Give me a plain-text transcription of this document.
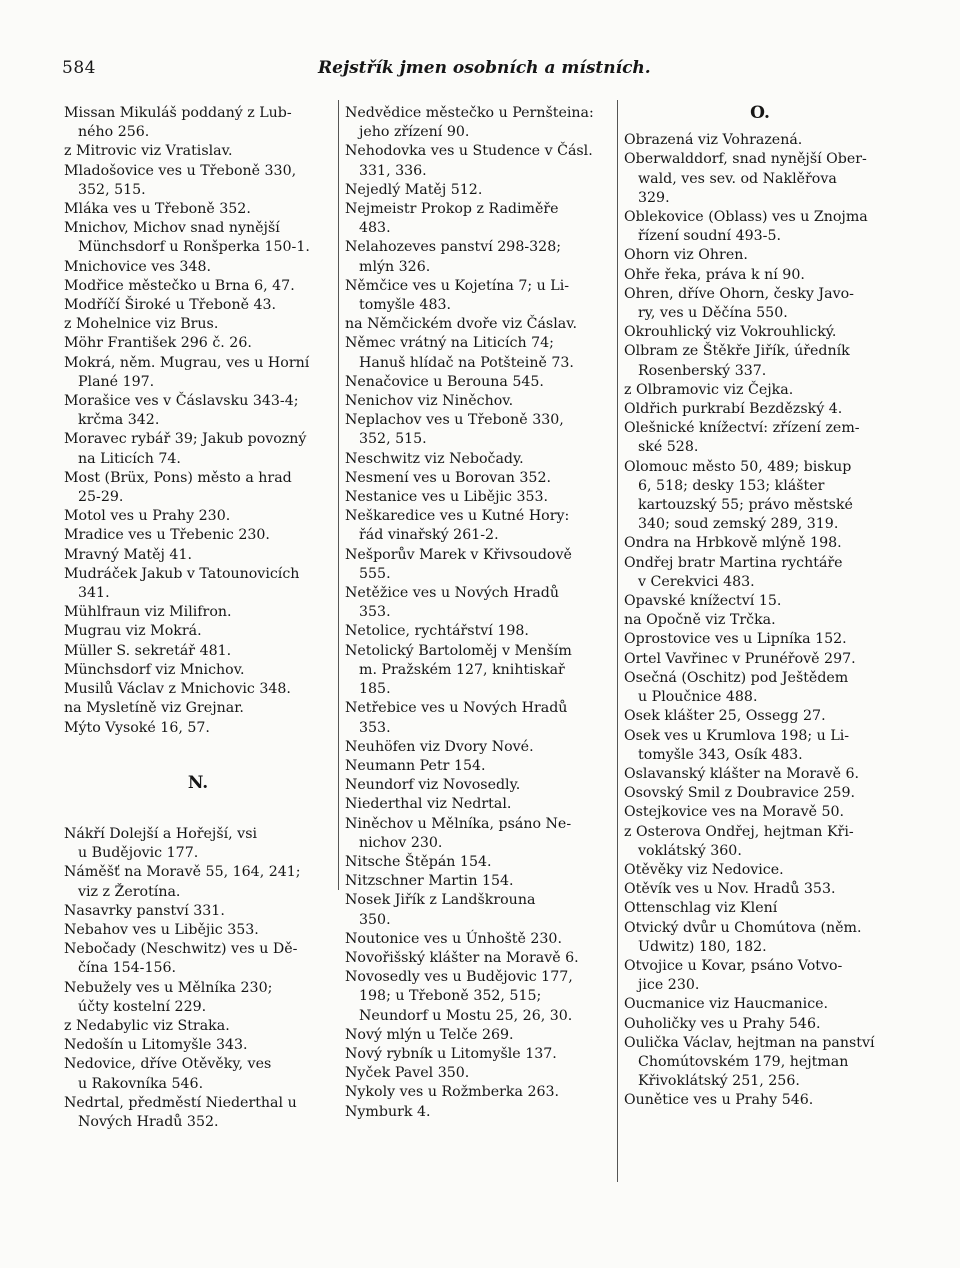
584	Rejstřík jmen osobních a místních.
Missan Mikuláš poddaný z Lub-
ného 256.
z Mitrovic viz Vratislav.
Mladošovice ves u Třeboně 330,
352, 515.
Mláka ves u Třeboně 352.
Mnichov, Michov snad nynější
Münchsdorf u Ronšperka 150-1.
Mnichovice ves 348.
Modřice městečko u Brna 6, 47.
Modříčí Široké u Třeboně 43.
z Mohelnice viz Brus.
Möhr František 296 č. 26.
Mokrá, něm. Mugrau, ves u Horní
Plané 197.
Morašice ves v Čáslavsku 343-4;
krčma 342.
Moravec rybář 39; Jakub povozný
na Liticích 74.
Most (Brüx, Pons) město a hrad
25-29.
Motol ves u Prahy 230.
Mradice ves u Třebenic 230.
Mravný Matěj 41.
Mudráček Jakub v Tatounovicích
341.
Mühlfraun viz Milifron.
Mugrau viz Mokrá.
Müller S. sekretář 481.
Münchsdorf viz Mnichov.
Musilů Václav z Mnichovic 348.
na Mysletíně viz Grejnar.
Mýto Vysoké 16, 57.
N.
Nákří Dolejší a Hořejší, vsi
u Budějovic 177.
Náměšť na Moravě 55, 164, 241;
viz z Žerotína.
Nasavrky panství 331.
Nebahov ves u Libějic 353.
Nebočady (Neschwitz) ves u Dě-
čína 154-156.
Nebužely ves u Mělníka 230;
účty kostelní 229.
z Nedabylic viz Straka.
Nedošín u Litomyšle 343.
Nedovice, dříve Otěvěky, ves
u Rakovníka 546.
Nedrtal, předměstí Niederthal u
Nových Hradů 352.
Nedvědice městečko u Pernšteina:
jeho zřízení 90.
Nehodovka ves u Studence v Čásl.
331, 336.
Nejedlý Matěj 512.
Nejmeistr Prokop z Radiměře
483.
Nelahozeves panství 298-328;
mlýn 326.
Němčice ves u Kojetína 7; u Li-
tomyšle 483.
na Němčickém dvoře viz Čáslav.
Němec vrátný na Liticích 74;
Hanuš hlídač na Potšteině 73.
Nenačovice u Berouna 545.
Nenichov viz Niněchov.
Neplachov ves u Třeboně 330,
352, 515.
Neschwitz viz Nebočady.
Nesmení ves u Borovan 352.
Nestanice ves u Libějic 353.
Neškaredice ves u Kutné Hory:
řád vinařský 261-2.
Nešporův Marek v Křivsoudově
555.
Netěžice ves u Nových Hradů
353.
Netolice, rychtářství 198.
Netolický Bartoloměj v Menším
m. Pražském 127, knihtiskař
185.
Netřebice ves u Nových Hradů
353.
Neuhöfen viz Dvory Nové.
Neumann Petr 154.
Neundorf viz Novosedly.
Niederthal viz Nedrtal.
Niněchov u Mělníka, psáno Ne-
nichov 230.
Nitsche Štěpán 154.
Nitzschner Martin 154.
Nosek Jiřík z Landškrouna
350.
Noutonice ves u Únhoště 230.
Novořišský klášter na Moravě 6.
Novosedly ves u Budějovic 177,
198; u Třeboně 352, 515;
Neundorf u Mostu 25, 26, 30.
Nový mlýn u Telče 269.
Nový rybník u Litomyšle 137.
Nyček Pavel 350.
Nykoly ves u Rožmberka 263.
Nymburk 4.
O.
Obrazená viz Vohrazená.
Oberwalddorf, snad nynější Ober-
wald, ves sev. od Naklěřova
329.
Oblekovice (Oblass) ves u Znojma
řízení soudní 493-5.
Ohorn viz Ohren.
Ohře řeka, práva k ní 90.
Ohren, dříve Ohorn, česky Javo-
ry, ves u Děčína 550.
Okrouhlický viz Vokrouhlický.
Olbram ze Štěkře Jiřík, úředník
Rosenberský 337.
z Olbramovic viz Čejka.
Oldřich purkrabí Bezdězský 4.
Olešnické knížectví: zřízení zem-
ské 528.
Olomouc město 50, 489; biskup
6, 518; desky 153; klášter
kartouzský 55; právo městské
340; soud zemský 289, 319.
Ondra na Hrbkově mlýně 198.
Ondřej bratr Martina rychtáře
v Cerekvici 483.
Opavské knížectví 15.
na Opočně viz Trčka.
Oprostovice ves u Lipníka 152.
Ortel Vavřinec v Prunéřově 297.
Osečná (Oschitz) pod Ještědem
u Ploučnice 488.
Osek klášter 25, Ossegg 27.
Osek ves u Krumlova 198; u Li-
tomyšle 343, Osík 483.
Oslavanský klášter na Moravě 6.
Osovský Smil z Doubravice 259.
Ostejkovice ves na Moravě 50.
z Osterova Ondřej, hejtman Kři-
voklátský 360.
Otěvěky viz Nedovice.
Otěvík ves u Nov. Hradů 353.
Ottenschlag viz Klení
Otvický dvůr u Chomútova (něm.
Udwitz) 180, 182.
Otvojice u Kovar, psáno Votvo-
jice 230.
Oucmanice viz Haucmanice.
Ouholičky ves u Prahy 546.
Oulička Václav, hejtman na panství
Chomútovském 179, hejtman
Křivoklátský 251, 256.
Ounětice ves u Prahy 546.
